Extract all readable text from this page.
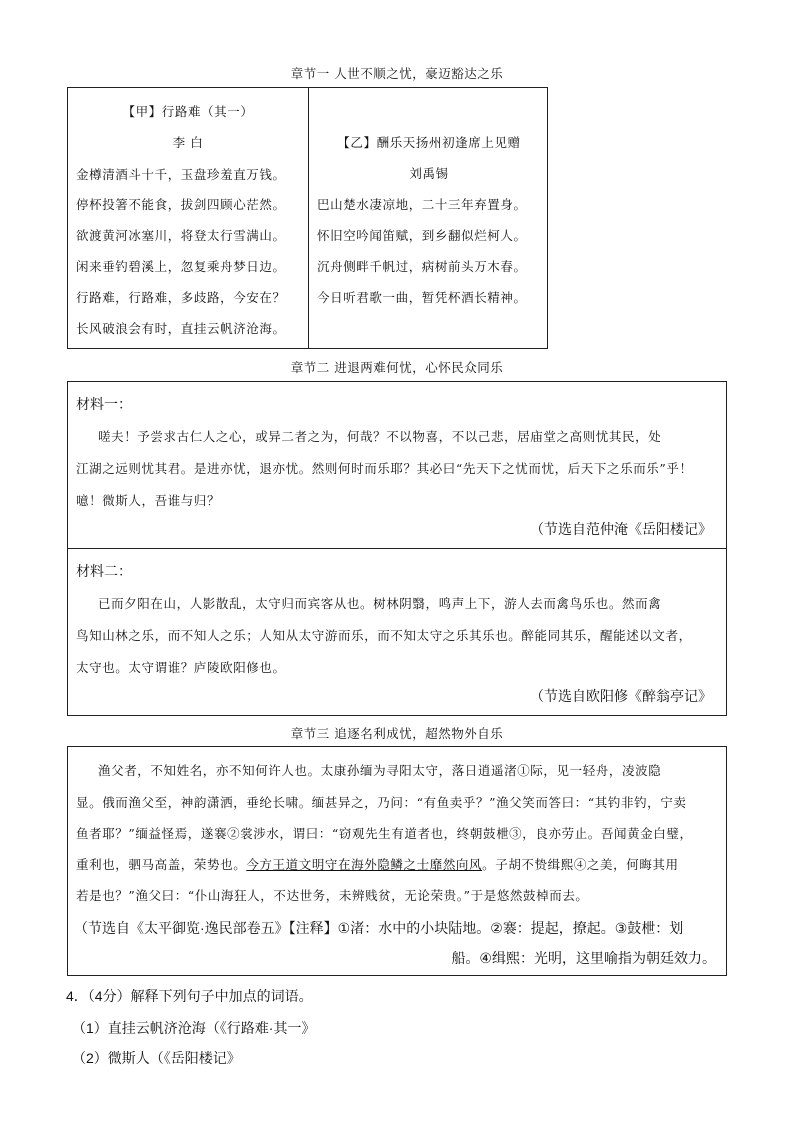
章节一 人世不顺之忧，豪迈豁达之乐
【甲】行路难（其一）
李 白
金樽清酒斗十千，玉盘珍羞直万钱。
停杯投箸不能食，拔剑四顾心茫然。
欲渡黄河冰塞川，将登太行雪满山。
闲来垂钓碧溪上，忽复乘舟梦日边。
行路难，行路难，多歧路，今安在？
长风破浪会有时，直挂云帆济沧海。
【乙】酬乐天扬州初逢席上见赠
刘禹锡
巴山楚水凄凉地，二十三年弃置身。
怀旧空吟闻笛赋，到乡翻似烂柯人。
沉舟侧畔千帆过，病树前头万木春。
今日听君歌一曲，暂凭杯酒长精神。
章节二 进退两难何忧，心怀民众同乐
材料一：
嗟夫！予尝求古仁人之心，或异二者之为，何哉？不以物喜，不以己悲，居庙堂之高则忧其民，处
江湖之远则忧其君。是进亦忧，退亦忧。然则何时而乐耶？其必曰“先天下之忧而忧，后天下之乐而乐”乎！
噫！微斯人，吾谁与归？
（节选自范仲淹《岳阳楼记》
材料二：
已而夕阳在山，人影散乱，太守归而宾客从也。树林阴翳，鸣声上下，游人去而禽鸟乐也。然而禽
鸟知山林之乐，而不知人之乐；人知从太守游而乐，而不知太守之乐其乐也。醉能同其乐，醒能述以文者，
太守也。太守谓谁？庐陵欧阳修也。
（节选自欧阳修《醉翁亭记》
章节三 追逐名利成忧，超然物外自乐
渔父者，不知姓名，亦不知何许人也。太康孙缅为寻阳太守，落日逍遥渚①际，见一轻舟，凌波隐
显。俄而渔父至，神韵潇洒，垂纶长啸。缅甚异之，乃问：“有鱼卖乎？”渔父笑而答曰：“其钓非钓，宁卖
鱼者耶？”缅益怪焉，遂褰②裳涉水，谓曰：“窃观先生有道者也，终朝鼓枻③，良亦劳止。吾闻黄金白璧，
重利也，驷马高盖，荣势也。今方王道文明守在海外隐鳞之士靡然向风。子胡不贽缉熙④之美，何晦其用
若是也？”渔父曰：“仆山海狂人，不达世务，未辨贱贫，无论荣贵。”于是悠然鼓棹而去。
（节选自《太平御览·逸民部卷五》【注释】①渚：水中的小块陆地。②褰：提起，撩起。③鼓枻：划
船。④缉熙：光明，这里喻指为朝廷效力。
4．（4分）解释下列句子中加点的词语。
（1）直挂云帆济沧海（《行路难·其一》
（2）微斯人（《岳阳楼记》
